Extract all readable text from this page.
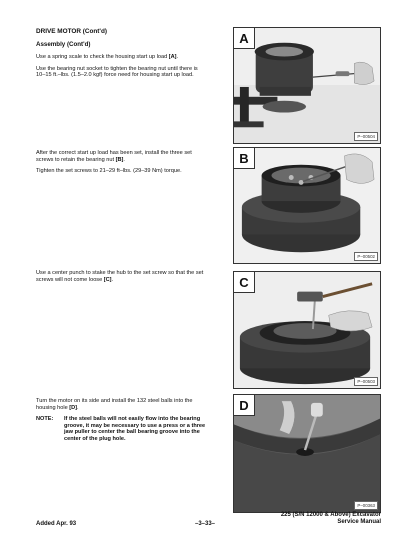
DRIVE MOTOR (Cont'd)
Assembly (Cont'd)

Use a spring scale to check the housing start up load [A].

Use the bearing nut socket to tighten the bearing nut until there is 10–15 ft.–lbs. (1.5–2.0 kgf) force need for housing start up load.

After the correct start up load has been set, install the three set screws to retain the bearing nut [B].

Tighten the set screws to 21–29 ft–lbs. (29–39 Nm) torque.

Use a center punch to stake the hub to the set screw so that the set screws will not come loose [C].

Turn the motor on its side and install the 132 steel balls into the housing hole [D].

NOTE:	If the steel balls will not easily flow into the bearing groove, it may be necessary to use a press or a three jaw puller to center the ball bearing groove into the center of the plug hole.
A
P–00504
B
P–00502
C
P–00503
D
P–00363
Added Apr. 93	–3–33–
225 (S/N 12000 & Above) Excavator
Service Manual
